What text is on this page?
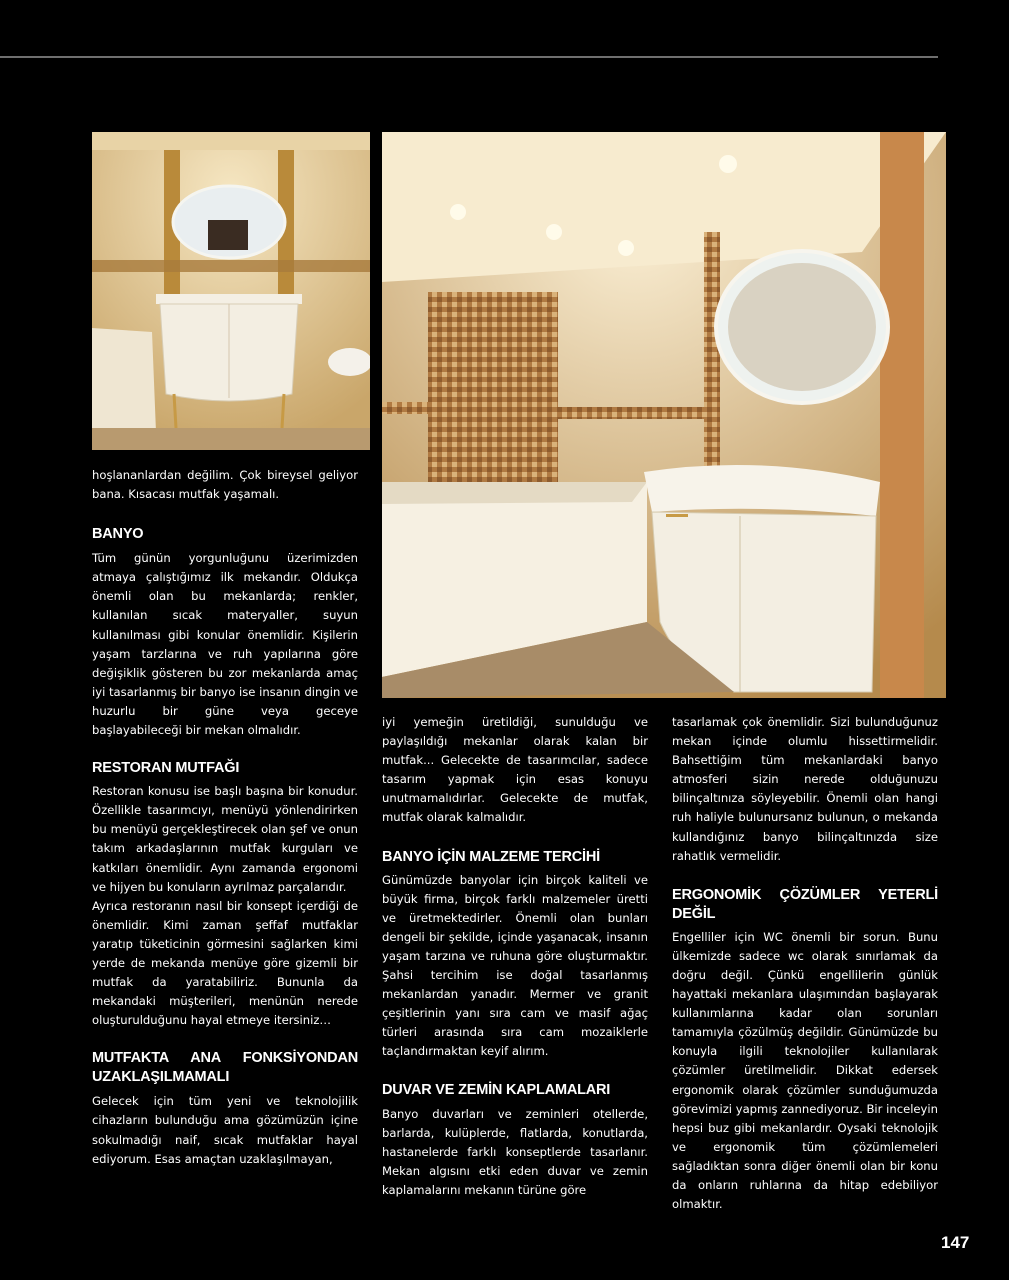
hoşlananlardan değilim. Çok bireysel geliyor bana. Kısacası mutfak yaşamalı.

BANYO

Tüm günün yorgunluğunu üzerimizden atmaya çalıştığımız ilk mekandır. Oldukça önemli olan bu mekanlarda; renkler, kullanılan sıcak materyaller, suyun kullanılması gibi konular önemlidir. Kişilerin yaşam tarzlarına ve ruh yapılarına göre değişiklik gösteren bu zor mekanlarda amaç iyi tasarlanmış bir banyo ise insanın dingin ve huzurlu bir güne veya geceye başlayabileceği bir mekan olmalıdır.

RESTORAN MUTFAĞI

Restoran konusu ise başlı başına bir konudur. Özellikle tasarımcıyı, menüyü yönlendirirken bu menüyü gerçekleştirecek olan şef ve onun takım arkadaşlarının mutfak kurguları ve katkıları önemlidir. Aynı zamanda ergonomi ve hijyen bu konuların ayrılmaz parçalarıdır.

Ayrıca restoranın nasıl bir konsept içerdiği de önemlidir. Kimi zaman şeffaf mutfaklar yaratıp tüketicinin görmesini sağlarken kimi yerde de mekanda menüye göre gizemli bir mutfak da yaratabiliriz. Bununla da mekandaki müşterileri, menünün nerede oluşturulduğunu hayal etmeye itersiniz…

MUTFAKTA ANA FONKSİYONDAN UZAKLAŞILMAMALI

Gelecek için tüm yeni ve teknolojilik cihazların bulunduğu ama gözümüzün içine sokulmadığı naif, sıcak mutfaklar hayal ediyorum. Esas amaçtan uzaklaşılmayan,

iyi yemeğin üretildiği, sunulduğu ve paylaşıldığı mekanlar olarak kalan bir mutfak... Gelecekte de tasarımcılar, sadece tasarım yapmak için esas konuyu unutmamalıdırlar. Gelecekte de mutfak, mutfak olarak kalmalıdır.

BANYO İÇİN MALZEME TERCİHİ

Günümüzde banyolar için birçok kaliteli ve büyük firma, birçok farklı malzemeler üretti ve üretmektedirler. Önemli olan bunları dengeli bir şekilde, içinde yaşanacak, insanın yaşam tarzına ve ruhuna göre oluşturmaktır. Şahsi tercihim ise doğal tasarlanmış mekanlardan yanadır. Mermer ve granit çeşitlerinin yanı sıra cam ve masif ağaç türleri arasında sıra cam mozaiklerle taçlandırmaktan keyif alırım.

DUVAR VE ZEMİN KAPLAMALARI

Banyo duvarları ve zeminleri otellerde, barlarda, kulüplerde, flatlarda, konutlarda, hastanelerde farklı konseptlerde tasarlanır. Mekan algısını etki eden duvar ve zemin kaplamalarını mekanın türüne göre

tasarlamak çok önemlidir. Sizi bulunduğunuz mekan içinde olumlu hissettirmelidir. Bahsettiğim tüm mekanlardaki banyo atmosferi sizin nerede olduğunuzu bilinçaltınıza söyleyebilir. Önemli olan hangi ruh haliyle bulunursanız bulunun, o mekanda kullandığınız banyo bilinçaltınızda size rahatlık vermelidir.

ERGONOMİK ÇÖZÜMLER YETERLİ DEĞİL

Engelliler için WC önemli bir sorun. Bunu ülkemizde sadece wc olarak sınırlamak da doğru değil. Çünkü engellilerin günlük hayattaki mekanlara ulaşımından başlayarak kullanımlarına kadar olan sorunları tamamıyla çözülmüş değildir. Günümüzde bu konuyla ilgili teknolojiler kullanılarak çözümler üretilmelidir. Dikkat edersek ergonomik olarak çözümler sunduğumuzda görevimizi yapmış zannediyoruz. Bir inceleyin hepsi buz gibi mekanlardır. Oysaki teknolojik ve ergonomik tüm çözümlemeleri sağladıktan sonra diğer önemli olan bir konu da onların ruhlarına da hitap edebiliyor olmaktır.

147
